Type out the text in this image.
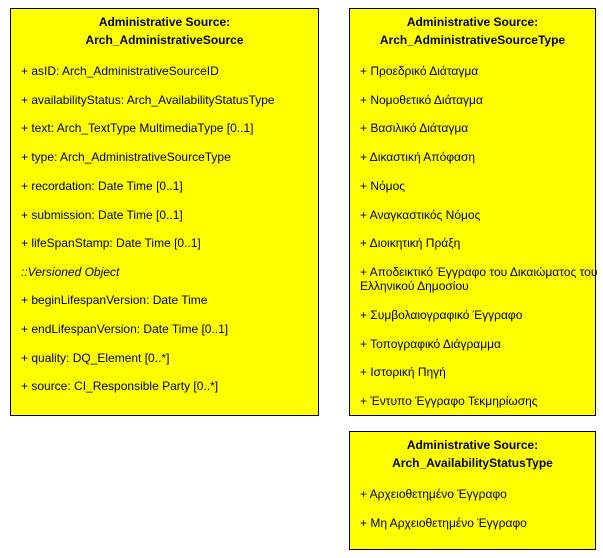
Administrative Source:
Arch_AdministrativeSource
+ asID: Arch_AdministrativeSourceID
+ availabilityStatus: Arch_AvailabilityStatusType
+ text: Arch_TextType MultimediaType [0..1]
+ type: Arch_AdministrativeSourceType
+ recordation: Date Time [0..1]
+ submission: Date Time [0..1]
+ lifeSpanStamp: Date Time [0..1]
::Versioned Object
+ beginLifespanVersion: Date Time
+ endLifespanVersion: Date Time [0..1]
+ quality: DQ_Element [0..*]
+ source: CI_Responsible Party [0..*]
Administrative Source:
Arch_AdministrativeSourceType
+ Προεδρικό Διάταγμα
+ Νομοθετικό Διάταγμα
+ Βασιλικό Διάταγμα
+ Δικαστική Απόφαση
+ Νόμος
+ Αναγκαστικός Νόμος
+ Διοικητική Πράξη
+ Αποδεικτικό Έγγραφο του Δικαιώματος του Ελληνικού Δημοσίου
+ Συμβολαιογραφικό Έγγραφο
+ Τοπογραφικό Διάγραμμα
+ Ιστορική Πηγή
+ Έντυπο Έγγραφο Τεκμηρίωσης
Administrative Source:
Arch_AvailabilityStatusType
+ Αρχειοθετημένο Έγγραφο
+ Μη Αρχειοθετημένο Έγγραφο
